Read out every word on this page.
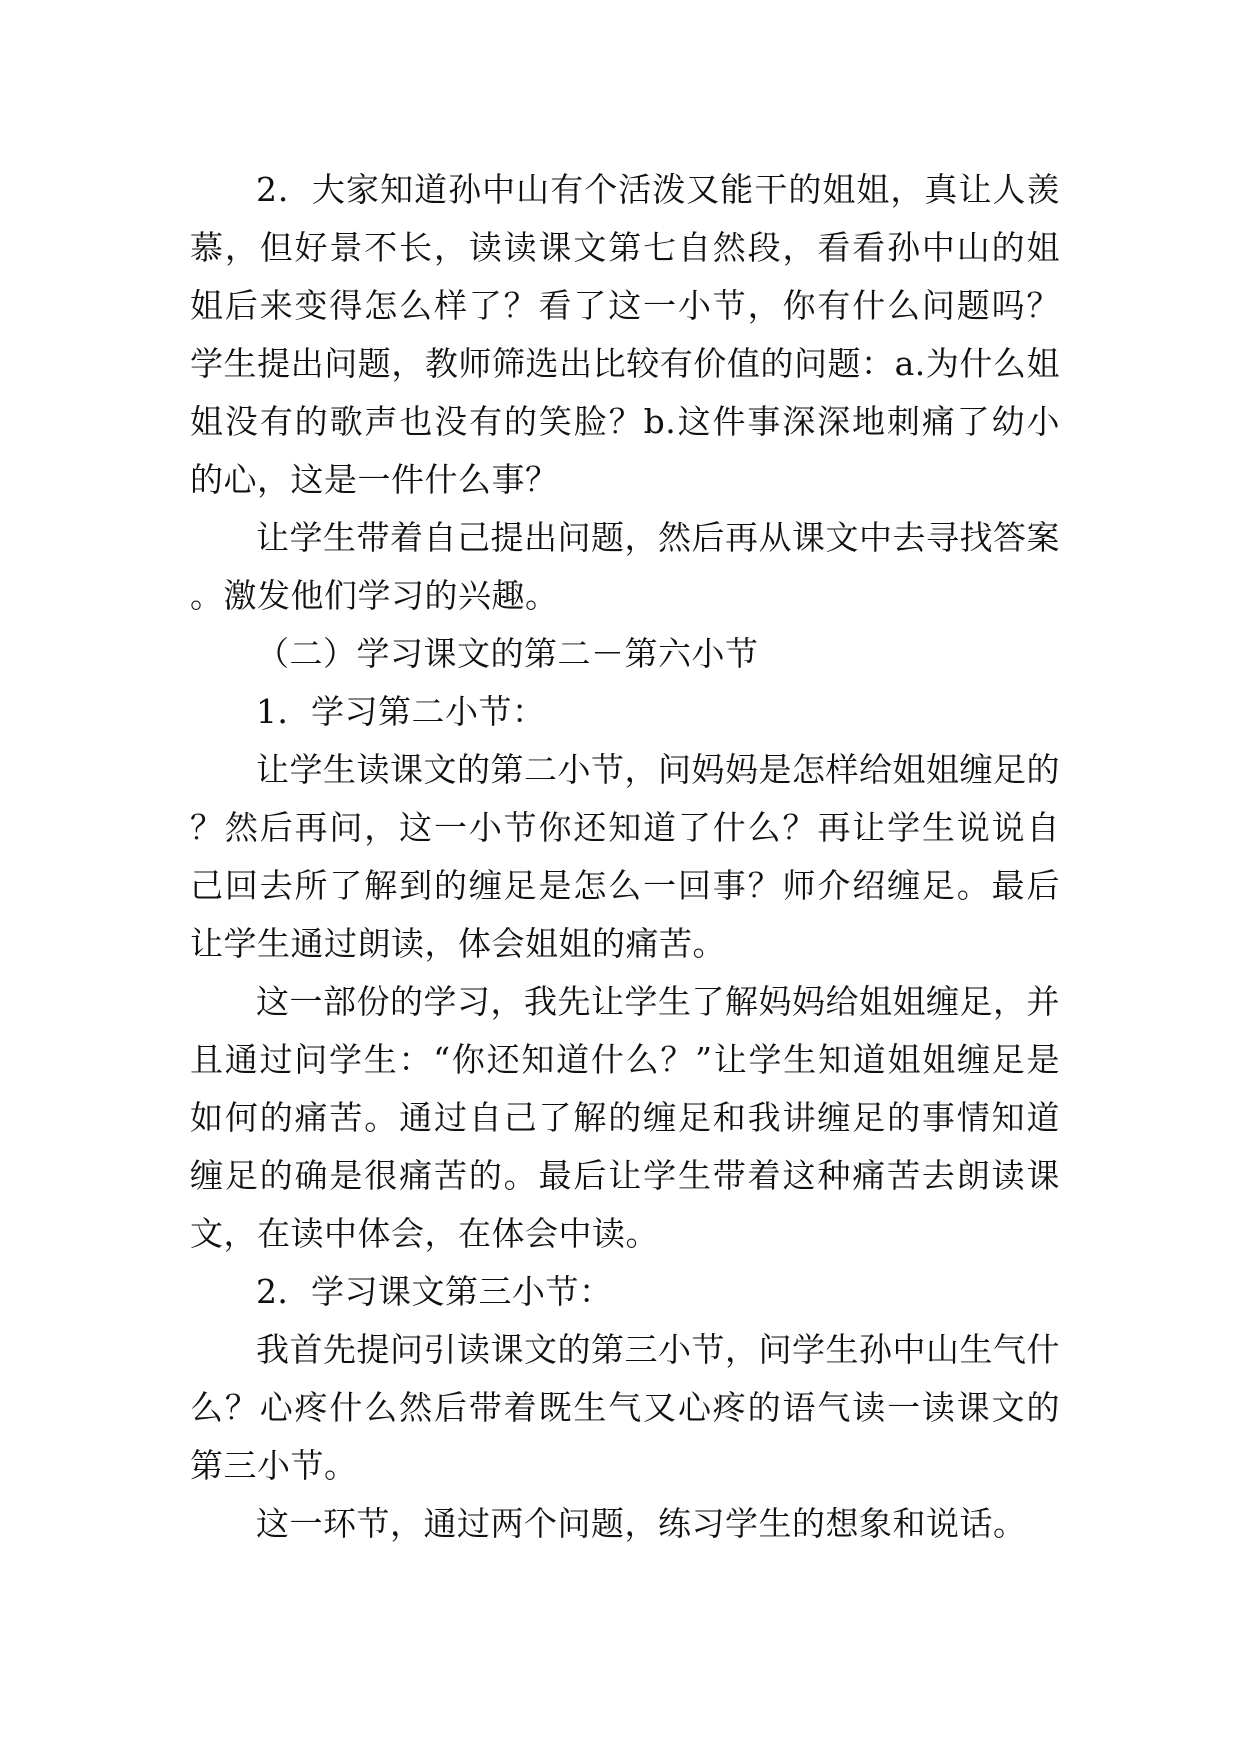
2．大家知道孙中山有个活泼又能干的姐姐，真让人羡慕，但好景不长，读读课文第七自然段，看看孙中山的姐姐后来变得怎么样了？看了这一小节，你有什么问题吗？学生提出问题，教师筛选出比较有价值的问题：a.为什么姐姐没有的歌声也没有的笑脸？b.这件事深深地刺痛了幼小的心，这是一件什么事？

让学生带着自己提出问题，然后再从课文中去寻找答案。激发他们学习的兴趣。

（二）学习课文的第二－第六小节

1．学习第二小节：

让学生读课文的第二小节，问妈妈是怎样给姐姐缠足的？然后再问，这一小节你还知道了什么？再让学生说说自己回去所了解到的缠足是怎么一回事？师介绍缠足。最后让学生通过朗读，体会姐姐的痛苦。

这一部份的学习，我先让学生了解妈妈给姐姐缠足，并且通过问学生：“你还知道什么？”让学生知道姐姐缠足是如何的痛苦。通过自己了解的缠足和我讲缠足的事情知道缠足的确是很痛苦的。最后让学生带着这种痛苦去朗读课文，在读中体会，在体会中读。

2．学习课文第三小节：

我首先提问引读课文的第三小节，问学生孙中山生气什么？心疼什么然后带着既生气又心疼的语气读一读课文的第三小节。

这一环节，通过两个问题，练习学生的想象和说话。
